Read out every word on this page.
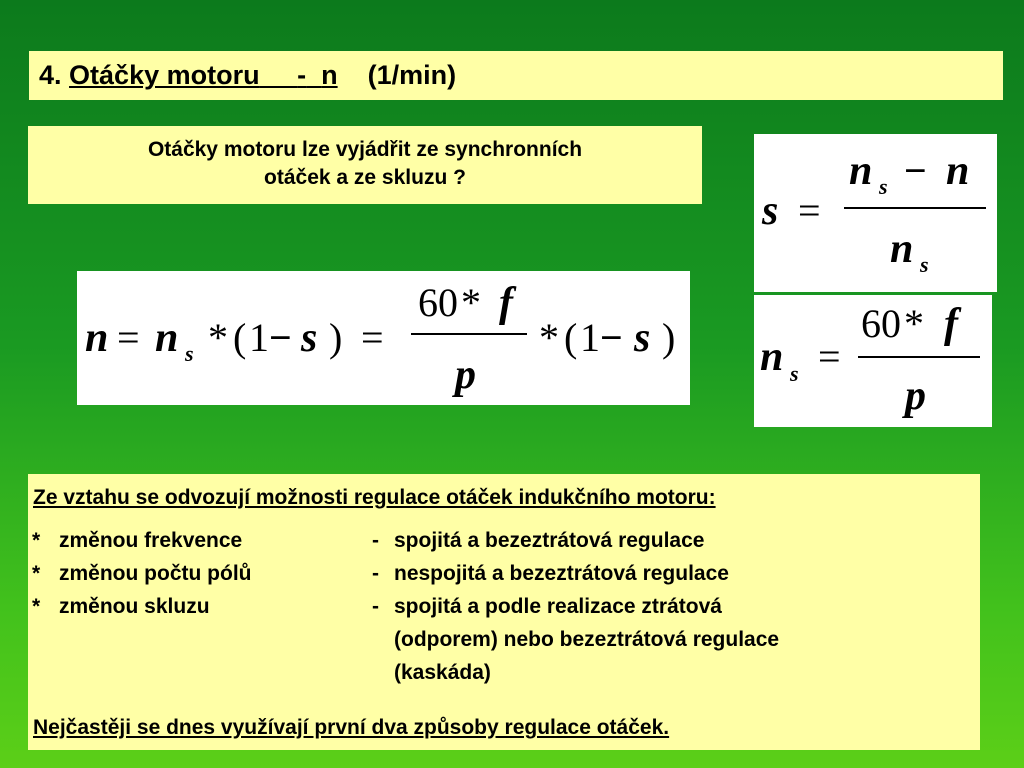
4. Otáčky motoru - n (1/min)
Otáčky motoru lze vyjádřit ze synchronních otáček a ze skluzu ?
n = n s * ( 1 − s ) =
60 * f
p
* ( 1 − s )
s =
n s − n
n s
n s =
60 * f
p
Ze vztahu se odvozují možnosti regulace otáček indukčního motoru:
* změnou frekvence	- spojitá a bezeztrátová regulace
* změnou počtu pólů	- nespojitá a bezeztrátová regulace
* změnou skluzu	- spojitá a podle realizace ztrátová
(odporem) nebo bezeztrátová regulace
(kaskáda)
Nejčastěji se dnes využívají první dva způsoby regulace otáček.
